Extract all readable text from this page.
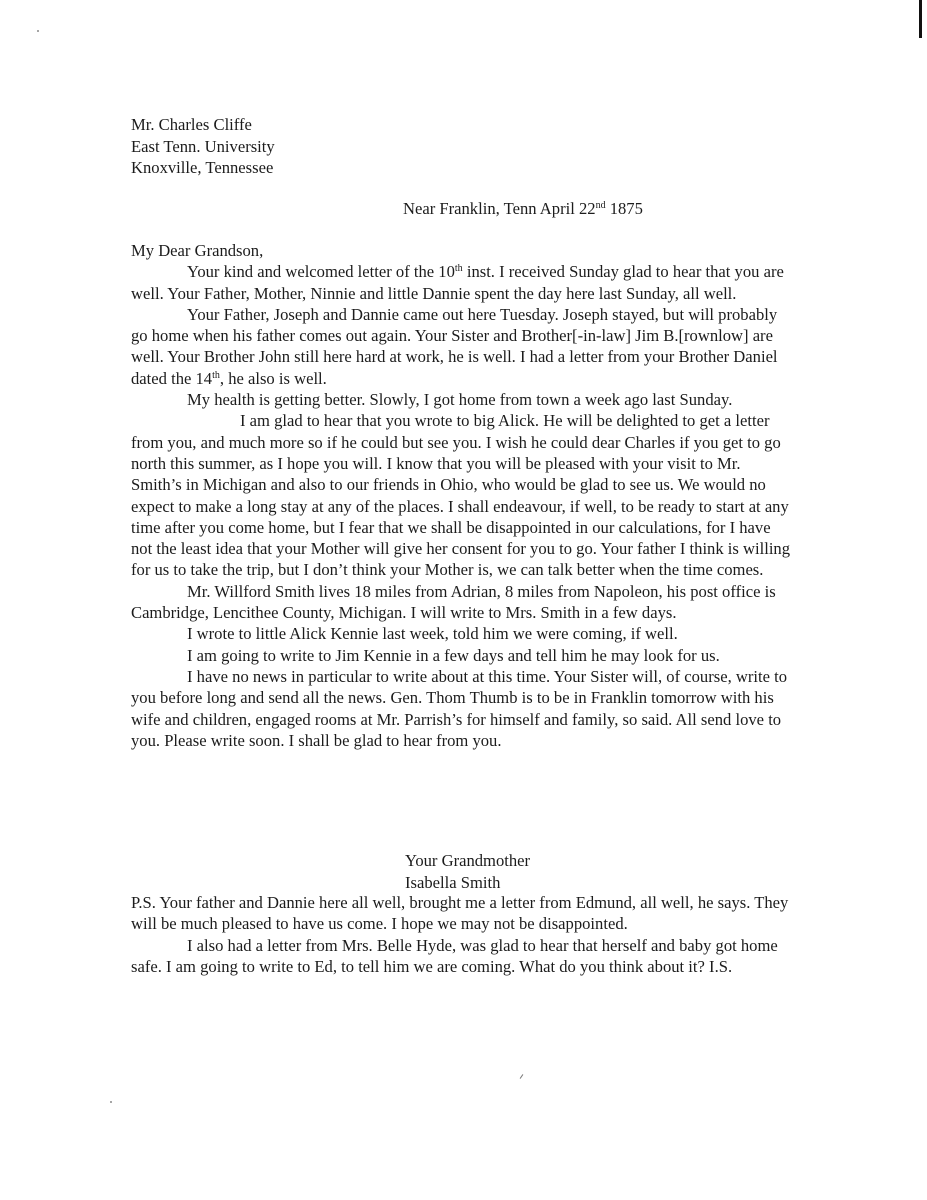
Mr. Charles Cliffe
East Tenn. University
Knoxville, Tennessee
Near Franklin, Tenn April 22nd 1875

My Dear Grandson,

Your kind and welcomed letter of the 10th inst. I received Sunday glad to hear that you are well. Your Father, Mother, Ninnie and little Dannie spent the day here last Sunday, all well.

Your Father, Joseph and Dannie came out here Tuesday. Joseph stayed, but will probably go home when his father comes out again. Your Sister and Brother[-in-law] Jim B.[rownlow] are well. Your Brother John still here hard at work, he is well. I had a letter from your Brother Daniel dated the 14th, he also is well.

My health is getting better. Slowly, I got home from town a week ago last Sunday.

I am glad to hear that you wrote to big Alick. He will be delighted to get a letter from you, and much more so if he could but see you. I wish he could dear Charles if you get to go north this summer, as I hope you will. I know that you will be pleased with your visit to Mr. Smith’s in Michigan and also to our friends in Ohio, who would be glad to see us. We would no expect to make a long stay at any of the places. I shall endeavour, if well, to be ready to start at any time after you come home, but I fear that we shall be disappointed in our calculations, for I have not the least idea that your Mother will give her consent for you to go. Your father I think is willing for us to take the trip, but I don’t think your Mother is, we can talk better when the time comes.

Mr. Willford Smith lives 18 miles from Adrian, 8 miles from Napoleon, his post office is Cambridge, Lencithee County, Michigan. I will write to Mrs. Smith in a few days.

I wrote to little Alick Kennie last week, told him we were coming, if well.

I am going to write to Jim Kennie in a few days and tell him he may look for us.

I have no news in particular to write about at this time. Your Sister will, of course, write to you before long and send all the news. Gen. Thom Thumb is to be in Franklin tomorrow with his wife and children, engaged rooms at Mr. Parrish’s for himself and family, so said. All send love to you. Please write soon. I shall be glad to hear from you.

Your Grandmother
Isabella Smith

P.S. Your father and Dannie here all well, brought me a letter from Edmund, all well, he says. They will be much pleased to have us come. I hope we may not be disappointed.

I also had a letter from Mrs. Belle Hyde, was glad to hear that herself and baby got home safe. I am going to write to Ed, to tell him we are coming. What do you think about it? I.S.
